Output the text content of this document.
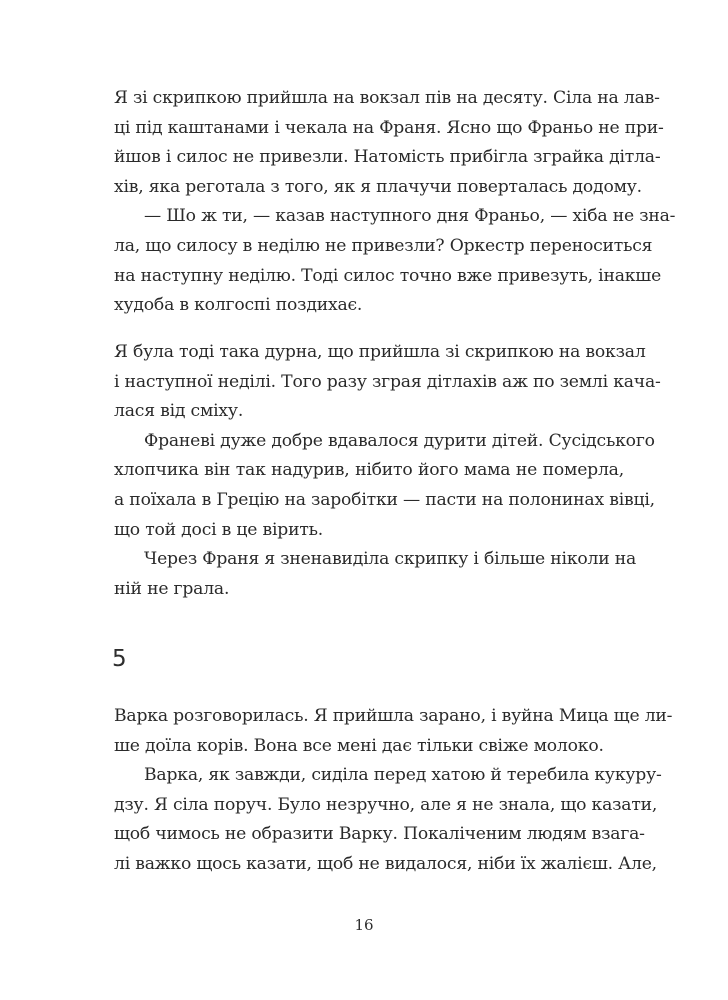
Я зі скрипкою прийшла на вокзал пів на десяту. Сіла на лав-
ці під каштанами і чекала на Франя. Ясно що Франьо не при-
йшов і силос не привезли. Натомість прибігла зграйка дітла-
хів, яка реготала з того, як я плачучи поверталась додому.
— Шо ж ти, — казав наступного дня Франьо, — хіба не зна-
ла, що силосу в неділю не привезли? Оркестр переноситься
на наступну неділю. Тоді силос точно вже привезуть, інакше
худоба в колгоспі поздихає.
Я була тоді така дурна, що прийшла зі скрипкою на вокзал
і наступної неділі. Того разу зграя дітлахів аж по землі кача-
лася від сміху.
Франеві дуже добре вдавалося дурити дітей. Сусідського
хлопчика він так надурив, нібито його мама не померла,
а поїхала в Грецію на заробітки — пасти на полонинах вівці,
що той досі в це вірить.
Через Франя я зненавиділа скрипку і більше ніколи на
ній не грала.
5
Варка розговорилась. Я прийшла зарано, і вуйна Мица ще ли-
ше доїла корів. Вона все мені дає тільки свіже молоко.
Варка, як завжди, сиділа перед хатою й теребила кукуру-
дзу. Я сіла поруч. Було незручно, але я не знала, що казати,
щоб чимось не образити Варку. Покаліченим людям взага-
лі важко щось казати, щоб не видалося, ніби їх жалієш. Але,
16
